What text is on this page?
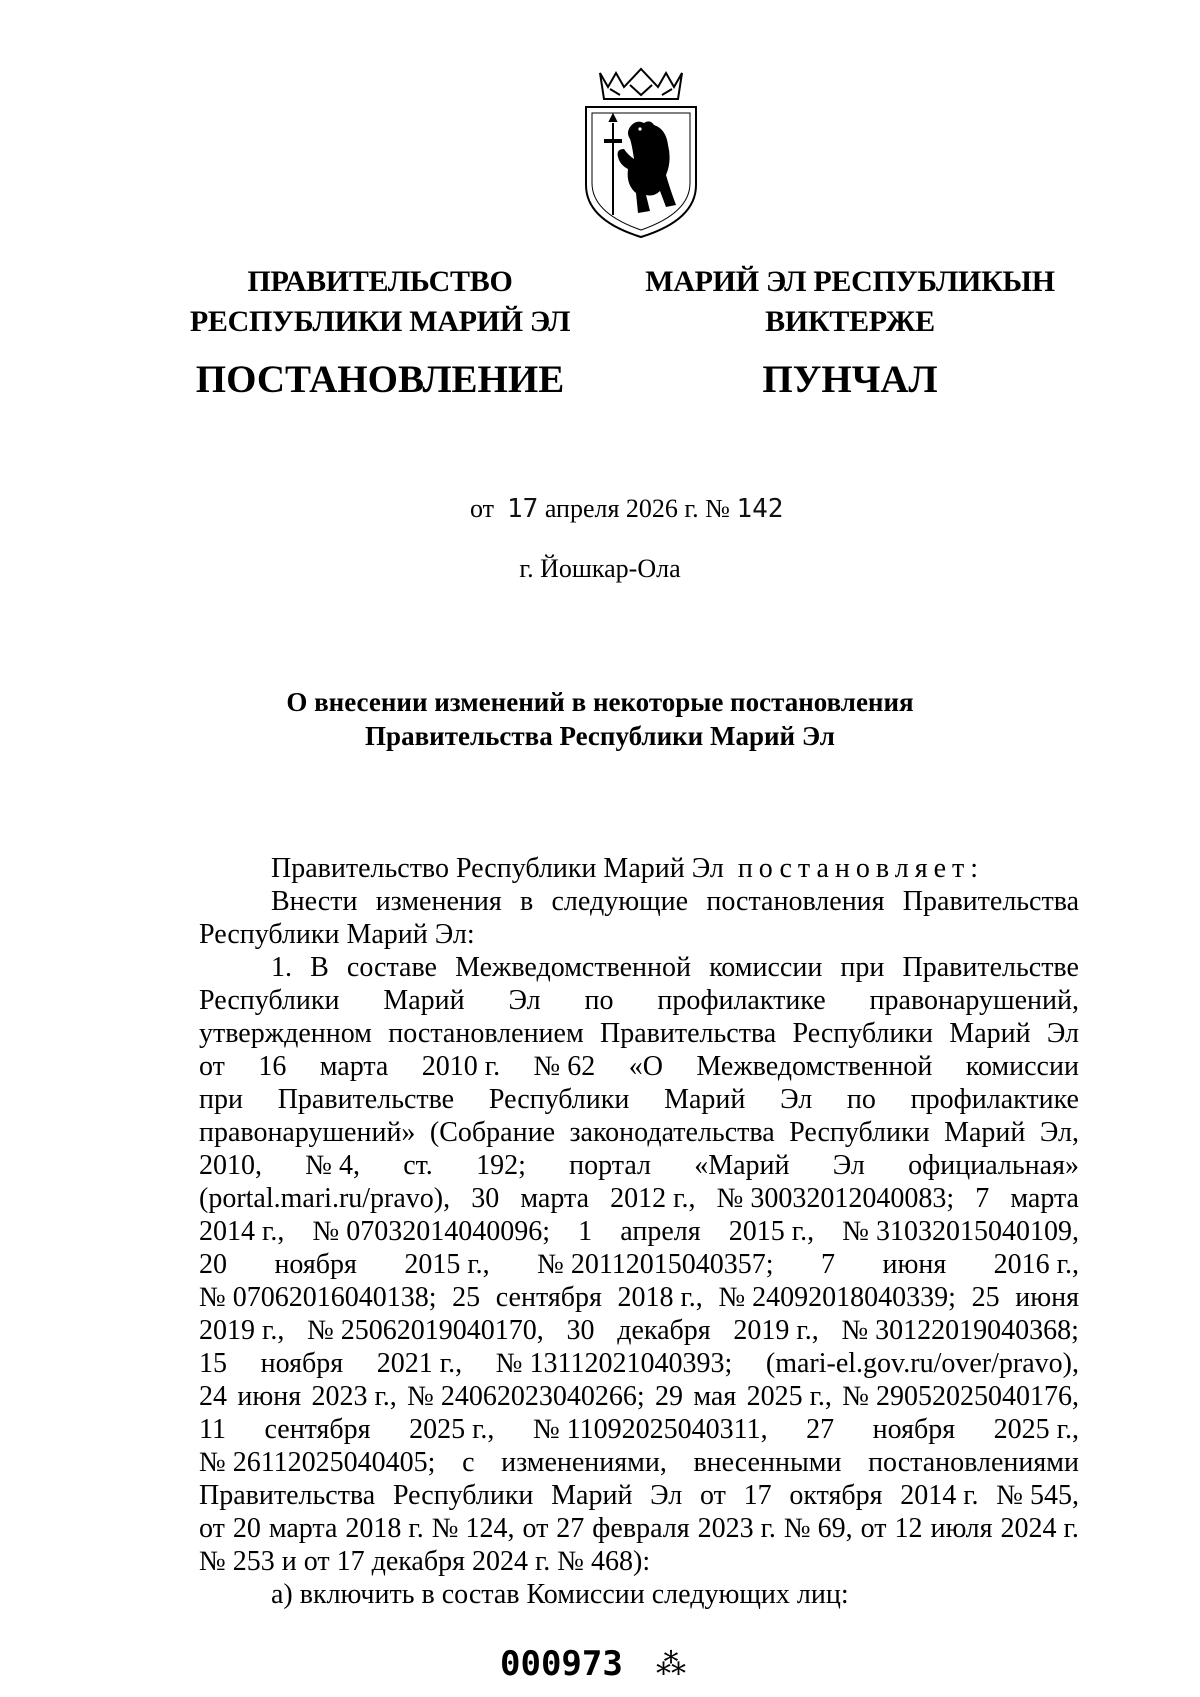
ПРАВИТЕЛЬСТВО
РЕСПУБЛИКИ МАРИЙ ЭЛ
ПОСТАНОВЛЕНИЕ
МАРИЙ ЭЛ РЕСПУБЛИКЫН
ВИКТЕРЖЕ
ПУНЧАЛ
от 17 апреля 2026 г. № 142
г. Йошкар-Ола
О внесении изменений в некоторые постановления
Правительства Республики Марий Эл

Правительство Республики Марий Эл
постановляет:

Внести изменения в следующие постановления Правительства

Республики Марий Эл:

1. В составе Межведомственной комиссии при Правительстве

Республики Марий Эл по профилактике правонарушений,

утвержденном постановлением Правительства Республики Марий Эл

от 16 марта 2010 г. № 62 «О Межведомственной комиссии

при Правительстве Республики Марий Эл по профилактике

правонарушений» (Собрание законодательства Республики Марий Эл,

2010, № 4, ст. 192; портал «Марий Эл официальная»

(portal.mari.ru/pravo), 30 марта 2012 г., № 30032012040083; 7 марта

2014 г., № 07032014040096; 1 апреля 2015 г., № 31032015040109,

20 ноября 2015 г., № 20112015040357; 7 июня 2016 г.,

№ 07062016040138; 25 сентября 2018 г., № 24092018040339; 25 июня

2019 г., № 25062019040170, 30 декабря 2019 г., № 30122019040368;

15 ноября 2021 г., № 13112021040393; (mari-el.gov.ru/over/pravo),

24 июня 2023 г., № 24062023040266; 29 мая 2025 г., № 29052025040176,

11 сентября 2025 г., № 11092025040311, 27 ноября 2025 г.,

№ 26112025040405; с изменениями, внесенными постановлениями

Правительства Республики Марий Эл от 17 октября 2014 г. № 545,

от 20 марта 2018 г. № 124, от 27 февраля 2023 г. № 69, от 12 июля 2024 г.

№ 253 и от 17 декабря 2024 г. № 468):

а) включить в состав Комиссии следующих лиц:

000973 ⁂
